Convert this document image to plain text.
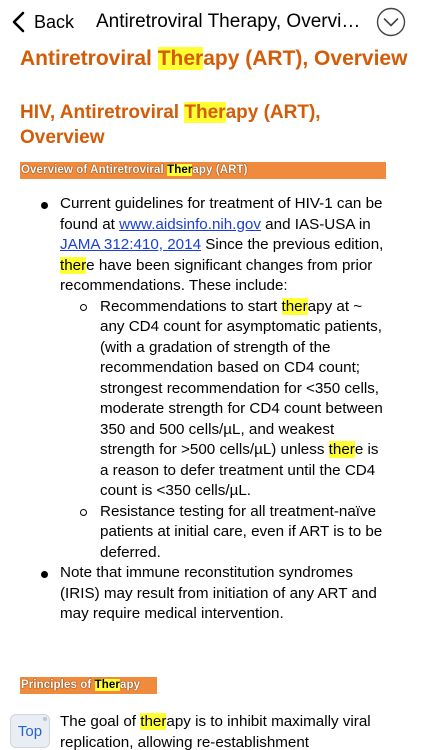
Back Antiretroviral Therapy, Overvi…
Antiretroviral Therapy (ART), Overview
HIV, Antiretroviral Therapy (ART), Overview
Overview of Antiretroviral Therapy (ART)
Current guidelines for treatment of HIV-1 can be found at www.aidsinfo.nih.gov and IAS-USA in JAMA 312:410, 2014 Since the previous edition, there have been significant changes from prior recommendations. These include:
Recommendations to start therapy at ~ any CD4 count for asymptomatic patients, (with a gradation of strength of the recommendation based on CD4 count; strongest recommendation for <350 cells, moderate strength for CD4 count between 350 and 500 cells/µL, and weakest strength for >500 cells/µL) unless there is a reason to defer treatment until the CD4 count is <350 cells/µL.
Resistance testing for all treatment-naïve patients at initial care, even if ART is to be deferred.
Note that immune reconstitution syndromes (IRIS) may result from initiation of any ART and may require medical intervention.
Principles of Therapy

The goal of therapy is to inhibit maximally viral replication, allowing re-establishment

Top
